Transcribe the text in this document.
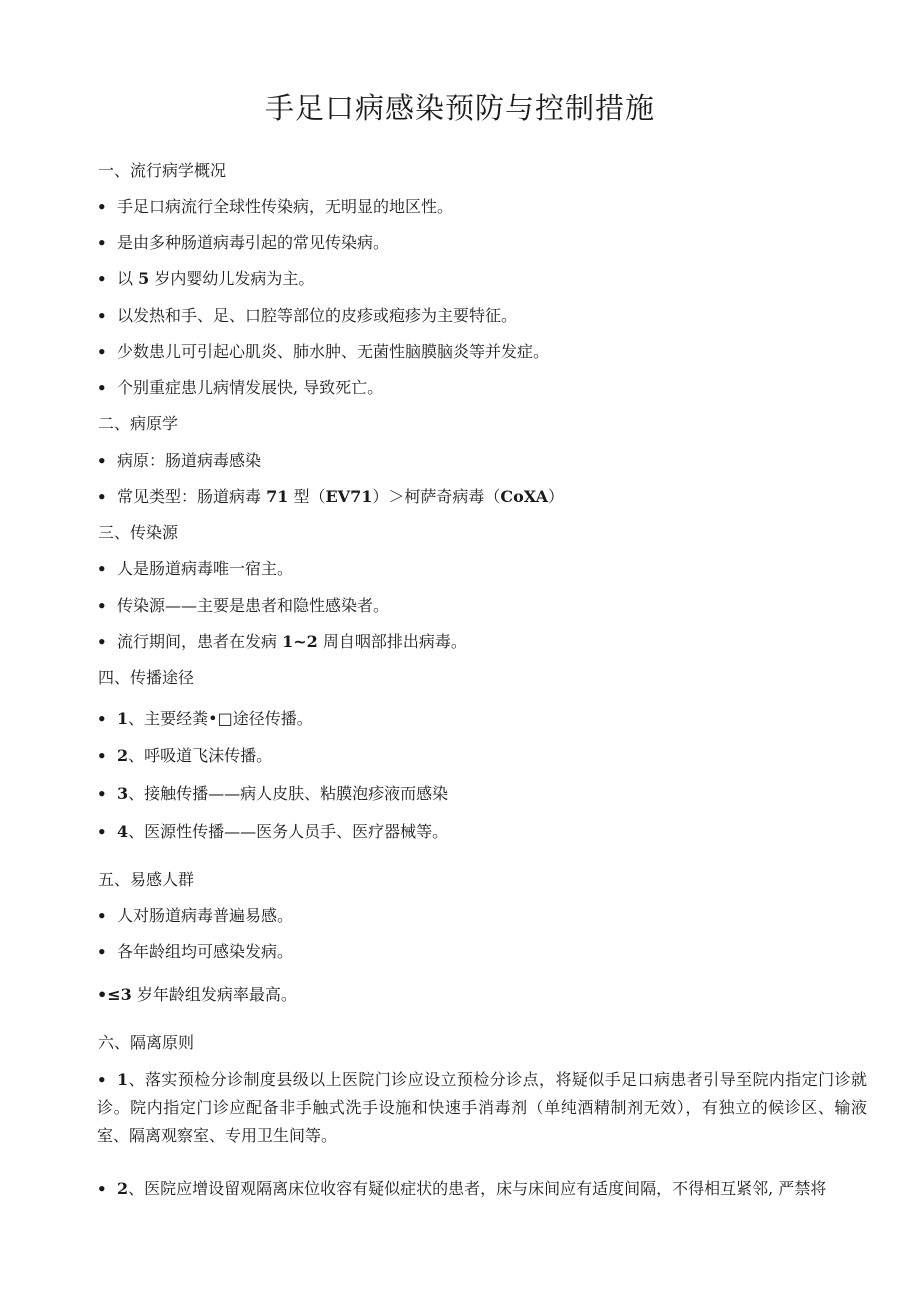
手足口病感染预防与控制措施
一、流行病学概况
• 手足口病流行全球性传染病，无明显的地区性。
• 是由多种肠道病毒引起的常见传染病。
• 以 5 岁内婴幼儿发病为主。
• 以发热和手、足、口腔等部位的皮疹或疱疹为主要特征。
• 少数患儿可引起心肌炎、肺水肿、无菌性脑膜脑炎等并发症。
• 个别重症患儿病情发展快, 导致死亡。
二、病原学
• 病原：肠道病毒感染
• 常见类型：肠道病毒 71 型（EV71）＞柯萨奇病毒（CoXA）
三、传染源
• 人是肠道病毒唯一宿主。
• 传染源——主要是患者和隐性感染者。
• 流行期间，患者在发病 1~2 周自咽部排出病毒。
四、传播途径
• 1、主要经粪•□途径传播。
• 2、呼吸道飞沫传播。
• 3、接触传播——病人皮肤、粘膜泡疹液而感染
• 4、医源性传播——医务人员手、医疗器械等。
五、易感人群
• 人对肠道病毒普遍易感。
• 各年龄组均可感染发病。
•≤3 岁年龄组发病率最高。
六、隔离原则
• 1、落实预检分诊制度县级以上医院门诊应设立预检分诊点，将疑似手足口病患者引导至院内指定门诊就诊。院内指定门诊应配备非手触式洗手设施和快速手消毒剂（单纯酒精制剂无效），有独立的候诊区、输液室、隔离观察室、专用卫生间等。
• 2、医院应增设留观隔离床位收容有疑似症状的患者，床与床间应有适度间隔，不得相互紧邻, 严禁将
